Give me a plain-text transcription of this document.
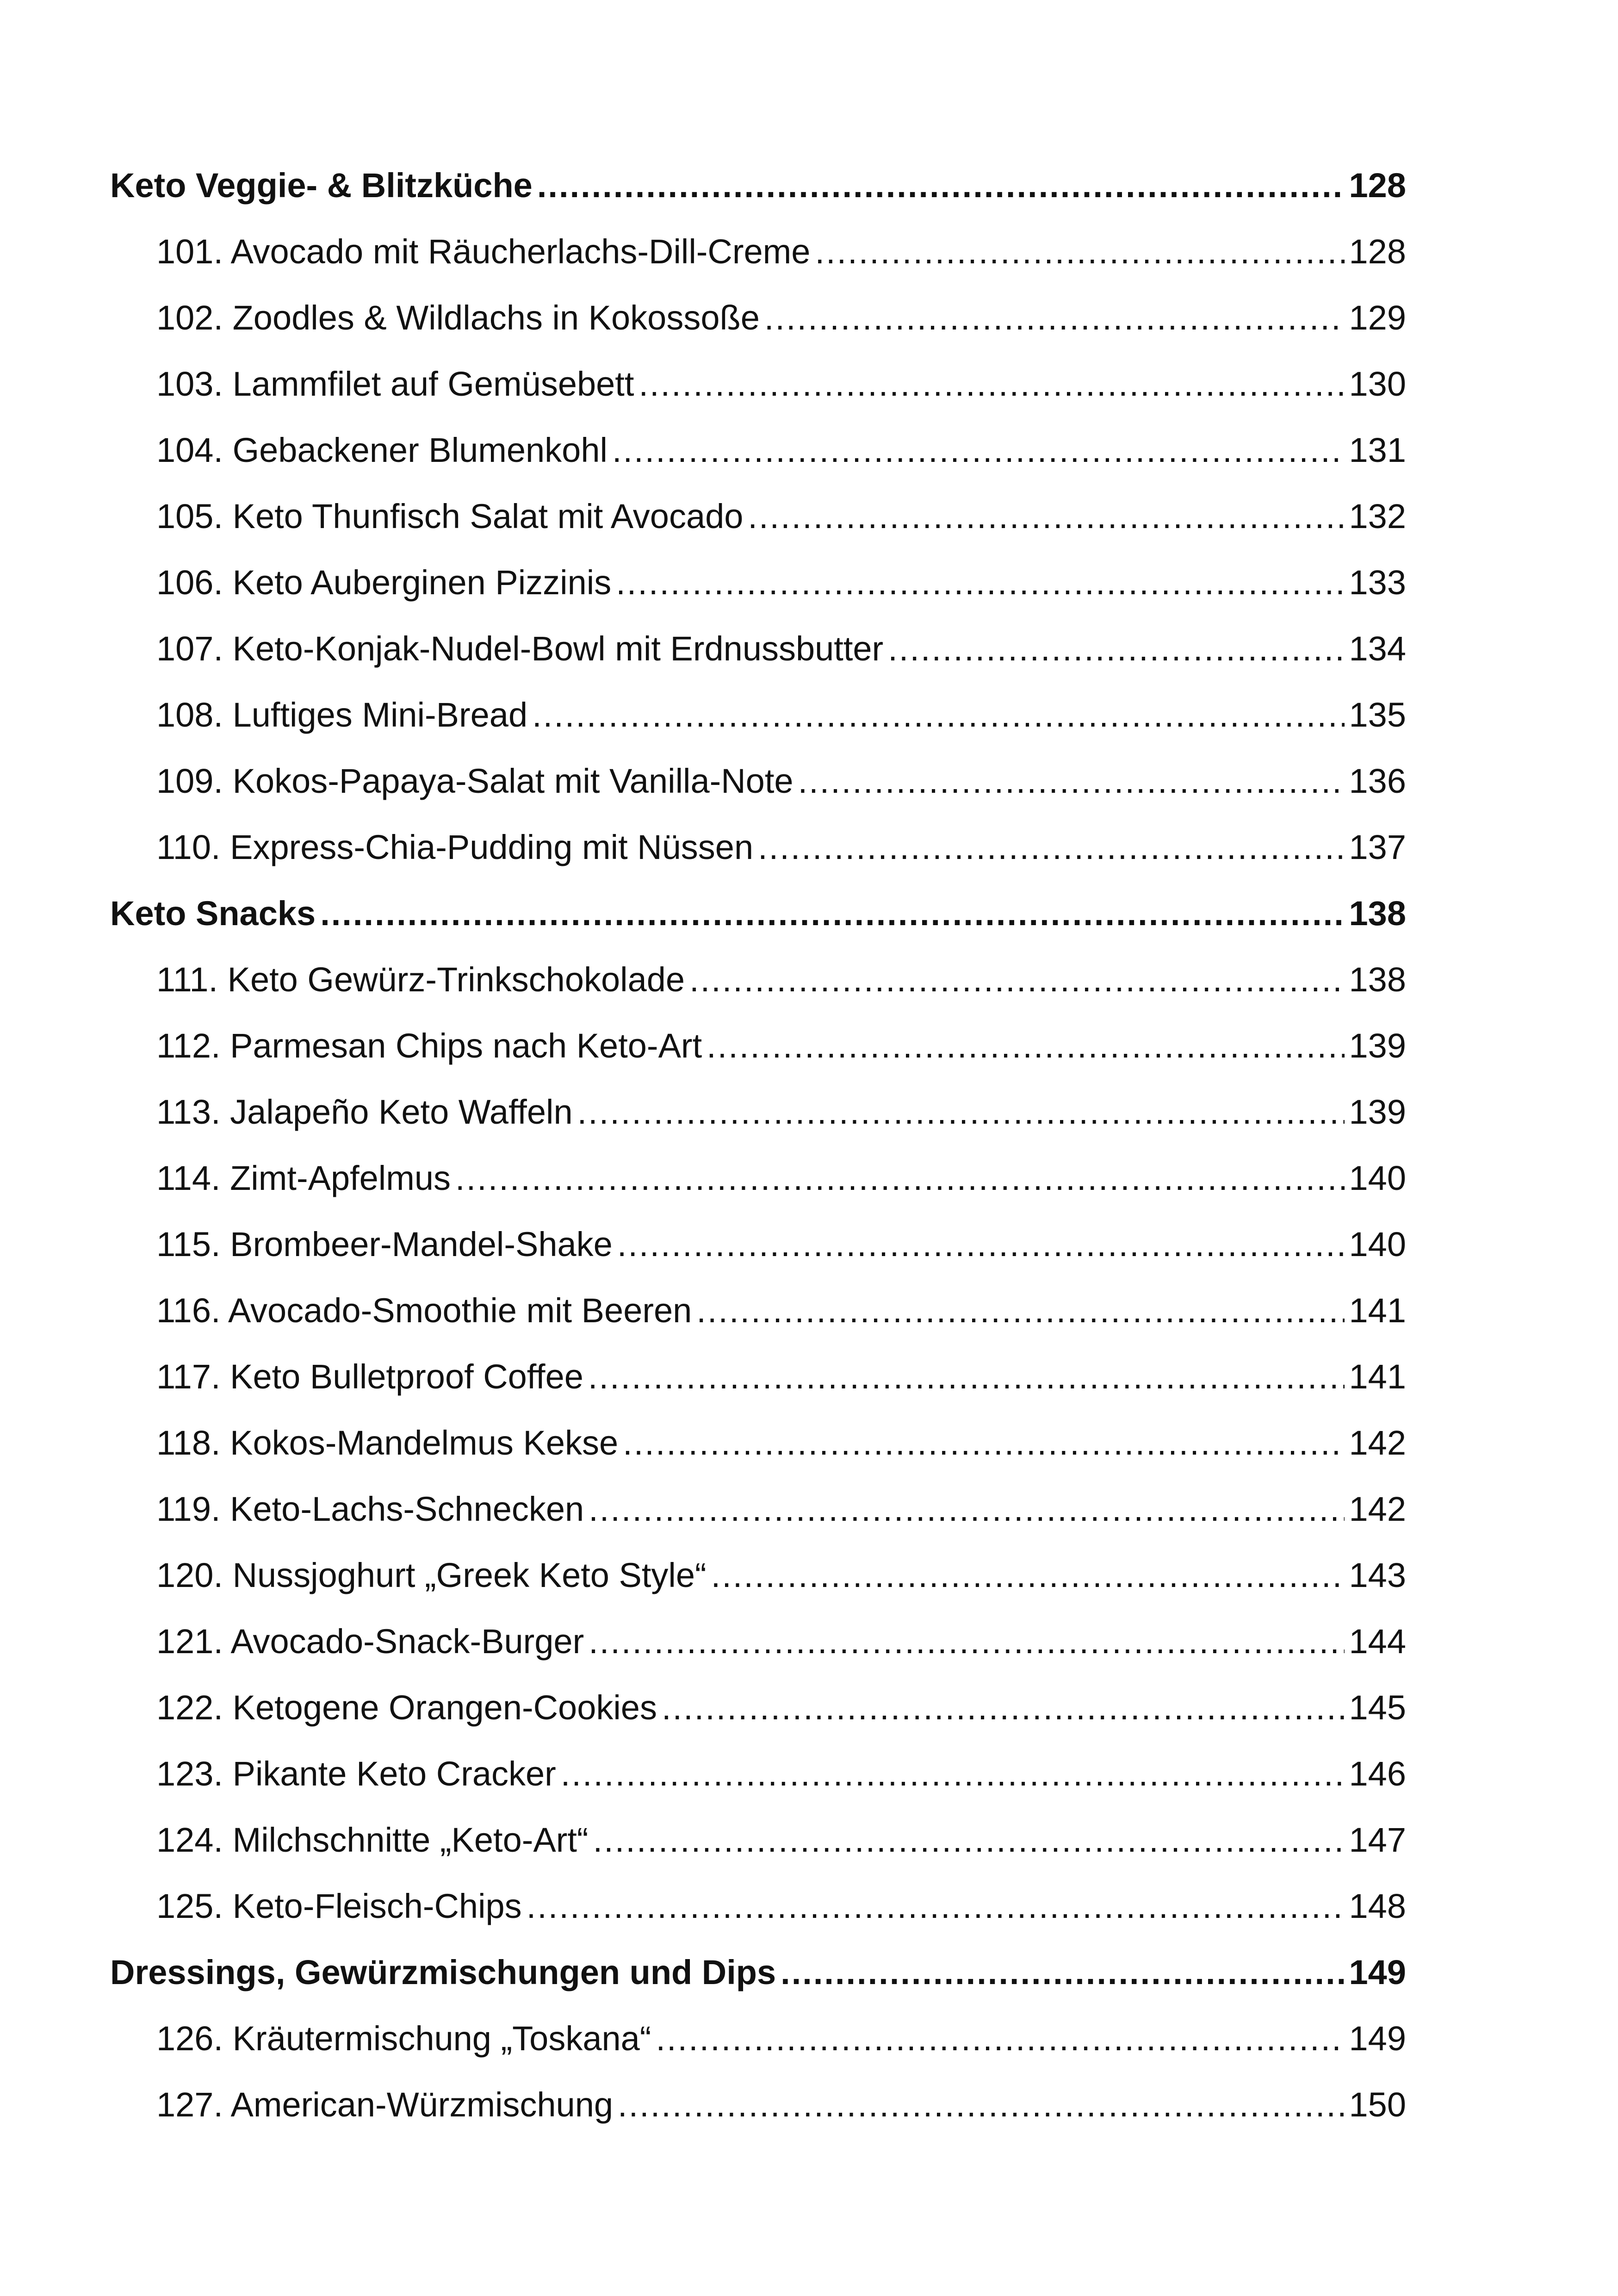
Keto Veggie- & Blitzküche .....	128
101. Avocado mit Räucherlachs-Dill-Creme .....	128
102. Zoodles & Wildlachs in Kokossoße .....	129
103. Lammfilet auf Gemüsebett .....	130
104. Gebackener Blumenkohl .....	131
105. Keto Thunfisch Salat mit Avocado .....	132
106. Keto Auberginen Pizzinis .....	133
107. Keto-Konjak-Nudel-Bowl mit Erdnussbutter .....	134
108. Luftiges Mini-Bread .....	135
109. Kokos-Papaya-Salat mit Vanilla-Note .....	136
110. Express-Chia-Pudding mit Nüssen .....	137
Keto Snacks .....	138
111. Keto Gewürz-Trinkschokolade .....	138
112. Parmesan Chips nach Keto-Art .....	139
113. Jalapeño Keto Waffeln .....	139
114. Zimt-Apfelmus .....	140
115. Brombeer-Mandel-Shake .....	140
116. Avocado-Smoothie mit Beeren .....	141
117. Keto Bulletproof Coffee .....	141
118. Kokos-Mandelmus Kekse .....	142
119. Keto-Lachs-Schnecken .....	142
120. Nussjoghurt „Greek Keto Style“ .....	143
121. Avocado-Snack-Burger .....	144
122. Ketogene Orangen-Cookies .....	145
123. Pikante Keto Cracker .....	146
124. Milchschnitte „Keto-Art“ .....	147
125. Keto-Fleisch-Chips .....	148
Dressings, Gewürzmischungen und Dips .....	149
126. Kräutermischung „Toskana“ .....	149
127. American-Würzmischung .....	150
